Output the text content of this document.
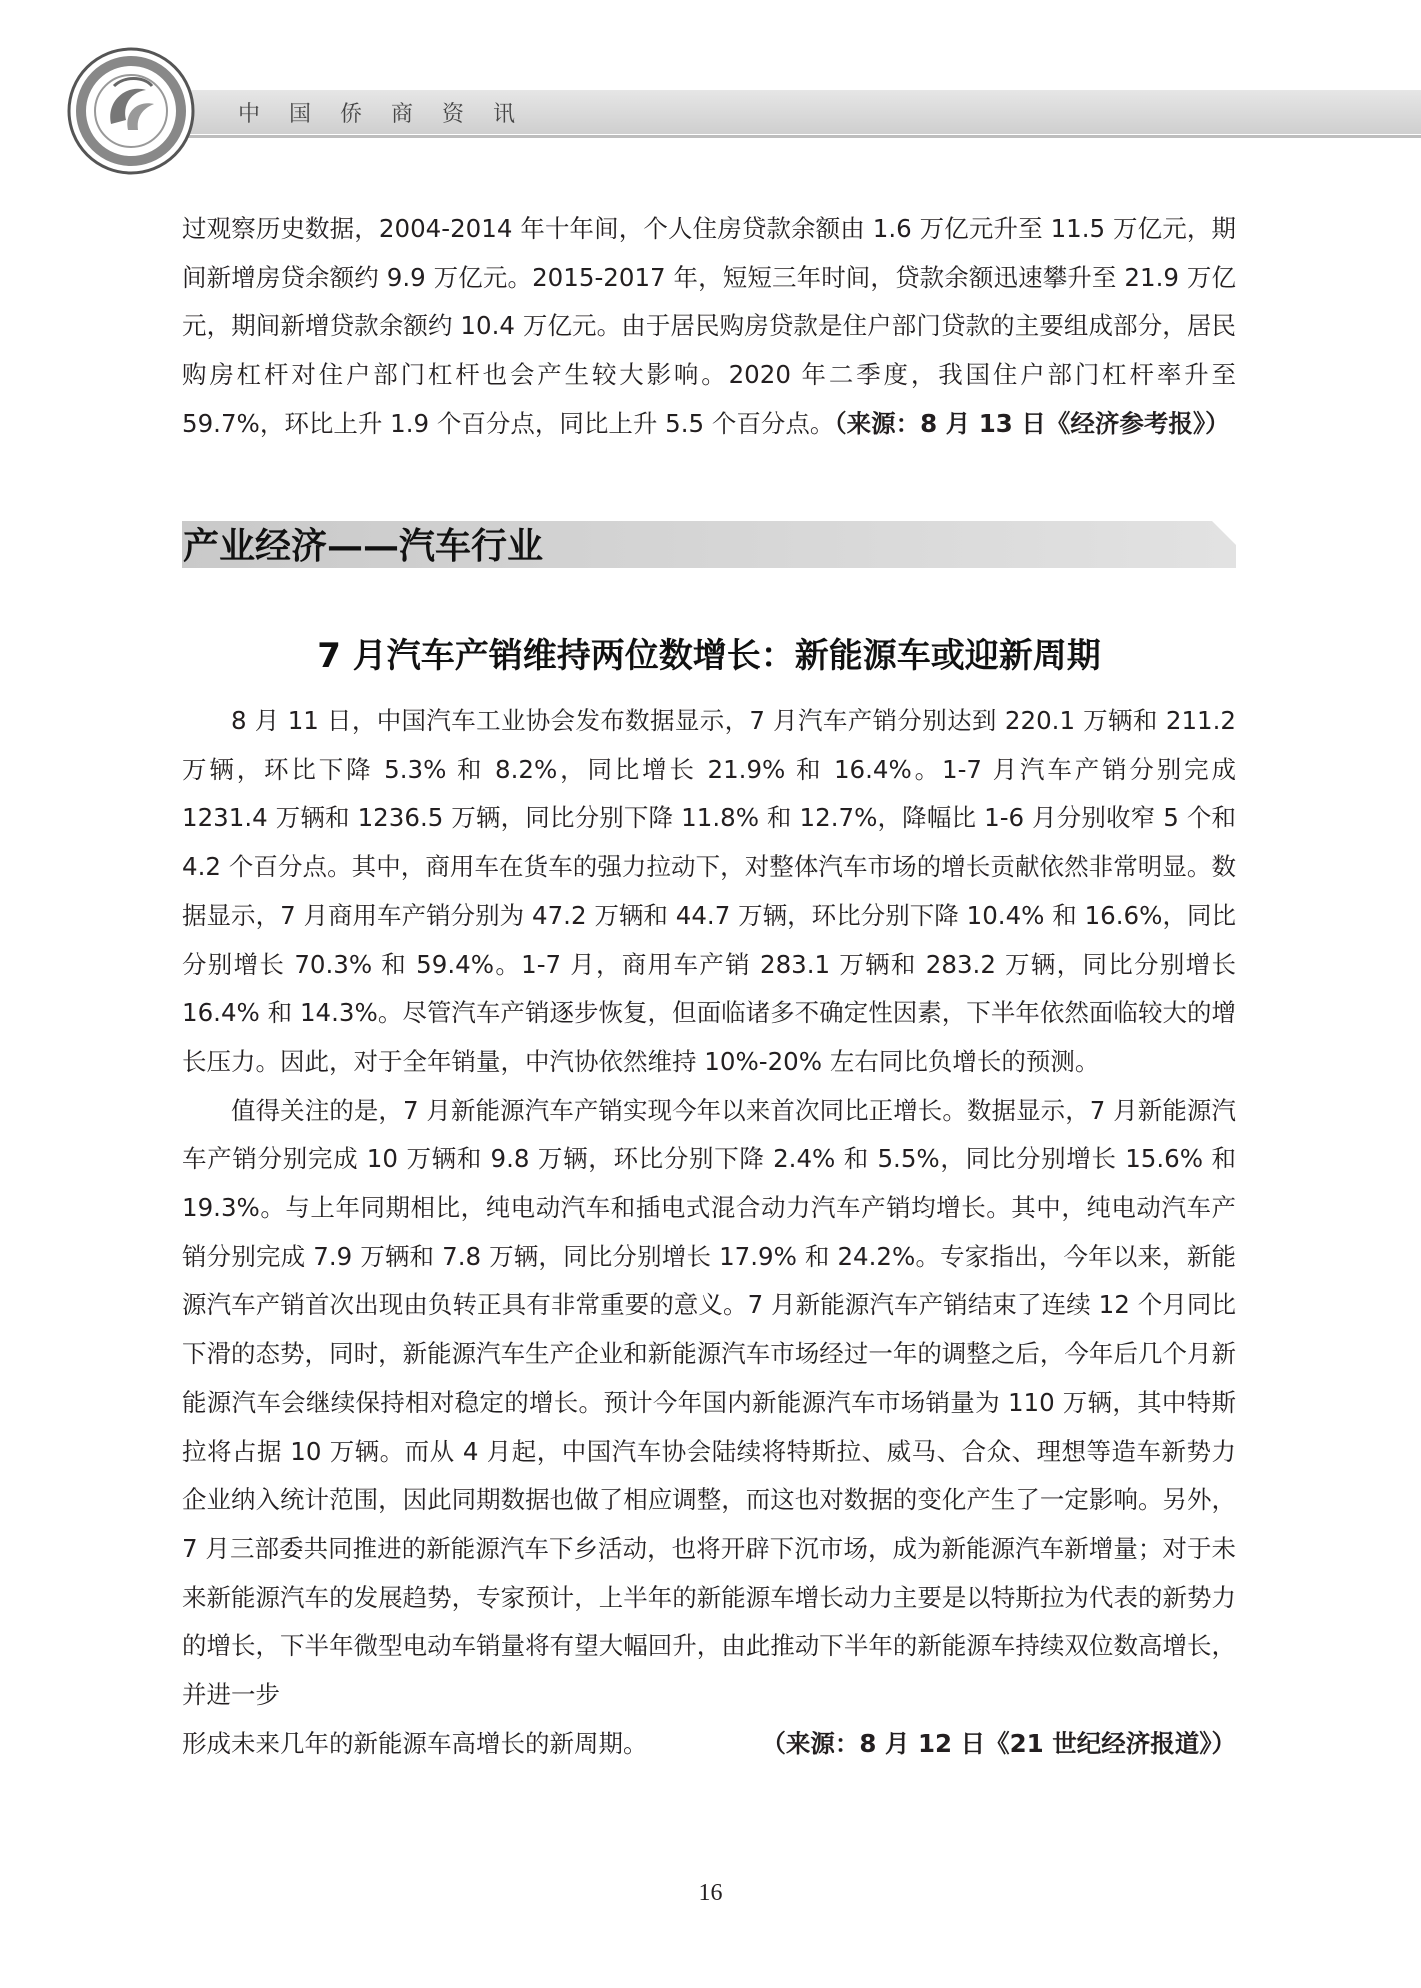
中国侨商资讯

过观察历史数据，2004-2014 年十年间，个人住房贷款余额由 1.6 万亿元升至 11.5 万亿元，期间新增房贷余额约 9.9 万亿元。2015-2017 年，短短三年时间，贷款余额迅速攀升至 21.9 万亿元，期间新增贷款余额约 10.4 万亿元。由于居民购房贷款是住户部门贷款的主要组成部分，居民购房杠杆对住户部门杠杆也会产生较大影响。2020 年二季度，我国住户部门杠杆率升至 59.7%，环比上升 1.9 个百分点，同比上升 5.5 个百分点。（来源：8 月 13 日《经济参考报》）

产业经济——汽车行业
7 月汽车产销维持两位数增长：新能源车或迎新周期

8 月 11 日，中国汽车工业协会发布数据显示，7 月汽车产销分别达到 220.1 万辆和 211.2 万辆，环比下降 5.3% 和 8.2%，同比增长 21.9% 和 16.4%。1-7 月汽车产销分别完成 1231.4 万辆和 1236.5 万辆，同比分别下降 11.8% 和 12.7%，降幅比 1-6 月分别收窄 5 个和 4.2 个百分点。其中，商用车在货车的强力拉动下，对整体汽车市场的增长贡献依然非常明显。数据显示，7 月商用车产销分别为 47.2 万辆和 44.7 万辆，环比分别下降 10.4% 和 16.6%，同比分别增长 70.3% 和 59.4%。1-7 月，商用车产销 283.1 万辆和 283.2 万辆，同比分别增长 16.4% 和 14.3%。尽管汽车产销逐步恢复，但面临诸多不确定性因素，下半年依然面临较大的增长压力。因此，对于全年销量，中汽协依然维持 10%-20% 左右同比负增长的预测。

值得关注的是，7 月新能源汽车产销实现今年以来首次同比正增长。数据显示，7 月新能源汽车产销分别完成 10 万辆和 9.8 万辆，环比分别下降 2.4% 和 5.5%，同比分别增长 15.6% 和 19.3%。与上年同期相比，纯电动汽车和插电式混合动力汽车产销均增长。其中，纯电动汽车产销分别完成 7.9 万辆和 7.8 万辆，同比分别增长 17.9% 和 24.2%。专家指出，今年以来，新能源汽车产销首次出现由负转正具有非常重要的意义。7 月新能源汽车产销结束了连续 12 个月同比下滑的态势，同时，新能源汽车生产企业和新能源汽车市场经过一年的调整之后，今年后几个月新能源汽车会继续保持相对稳定的增长。预计今年国内新能源汽车市场销量为 110 万辆，其中特斯拉将占据 10 万辆。而从 4 月起，中国汽车协会陆续将特斯拉、威马、合众、理想等造车新势力企业纳入统计范围，因此同期数据也做了相应调整，而这也对数据的变化产生了一定影响。另外，7 月三部委共同推进的新能源汽车下乡活动，也将开辟下沉市场，成为新能源汽车新增量；对于未来新能源汽车的发展趋势，专家预计，上半年的新能源车增长动力主要是以特斯拉为代表的新势力的增长，下半年微型电动车销量将有望大幅回升，由此推动下半年的新能源车持续双位数高增长，并进一步

形成未来几年的新能源车高增长的新周期。	（来源：8 月 12 日《21 世纪经济报道》）

16
